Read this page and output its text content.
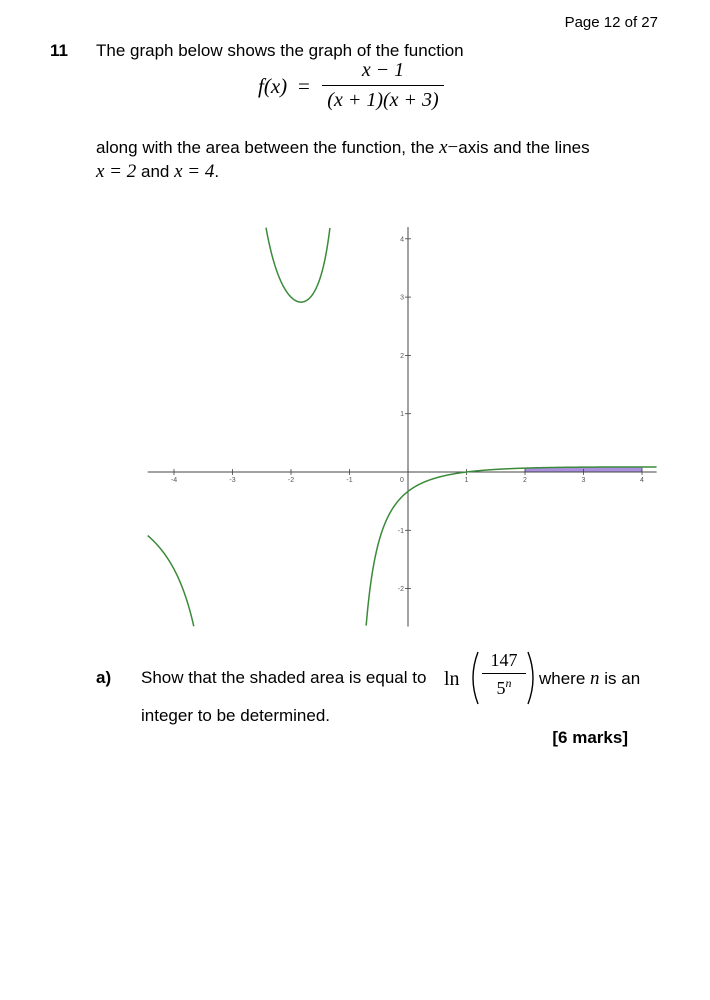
Page 12 of 27
11 The graph below shows the graph of the function
f(x) =
x − 1
(x + 1)(x + 3)
along with the area between the function, the x−axis and the lines
x = 2 and x = 4.
-4	-3	-2	-1	0	1	2	3	4
-2
-1
1
2
3
4
a) Show that the shaded area is equal to ln
147
5$^n$	where n is an
integer to be determined.
[6 marks]
